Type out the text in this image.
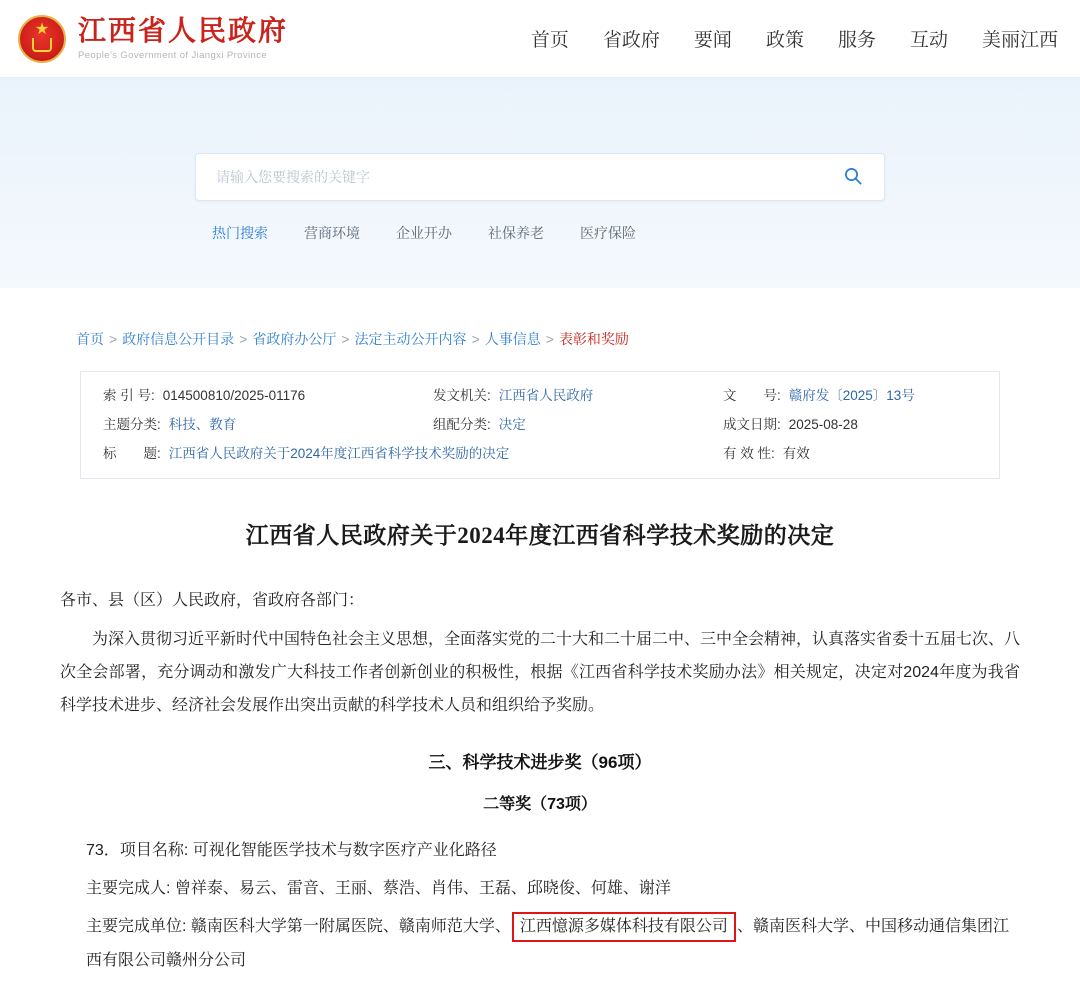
★
江西省人民政府
People's Government of Jiangxi Province
首页 省政府 要闻 政策 服务 互动 美丽江西
请输入您要搜索的关键字
热门搜索	营商环境	企业开办	社保养老	医疗保险
首页 > 政府信息公开目录 > 省政府办公厅 > 法定主动公开内容 > 人事信息 > 表彰和奖励
索 引 号: 014500810/2025-01176	发文机关: 江西省人民政府	文　　号: 赣府发〔2025〕13号
主题分类: 科技、教育	组配分类: 决定	成文日期: 2025-08-28
标　　题: 江西省人民政府关于2024年度江西省科学技术奖励的决定	有 效 性: 有效
江西省人民政府关于2024年度江西省科学技术奖励的决定

各市、县（区）人民政府，省政府各部门：

为深入贯彻习近平新时代中国特色社会主义思想，全面落实党的二十大和二十届二中、三中全会精神，认真落实省委十五届七次、八次全会部署，充分调动和激发广大科技工作者创新创业的积极性，根据《江西省科学技术奖励办法》相关规定，决定对2024年度为我省科学技术进步、经济社会发展作出突出贡献的科学技术人员和组织给予奖励。

三、科学技术进步奖（96项）
二等奖（73项）

73．项目名称: 可视化智能医学技术与数字医疗产业化路径

主要完成人: 曾祥泰、易云、雷音、王丽、蔡浩、肖伟、王磊、邱晓俊、何雄、谢洋

主要完成单位: 赣南医科大学第一附属医院、赣南师范大学、 江西憶源多媒体科技有限公司 、赣南医科大学、中国移动通信集团江西有限公司赣州分公司
